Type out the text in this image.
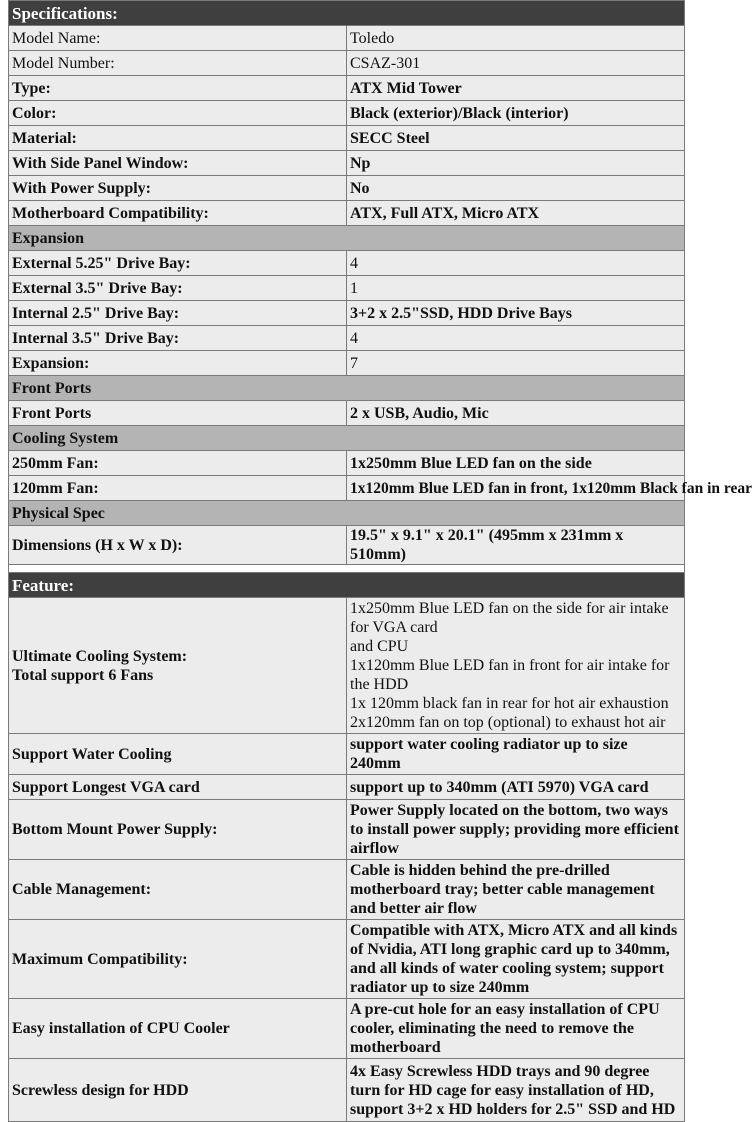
Specifications:	
Model Name:	Toledo
Model Number:	CSAZ-301
Type:	ATX Mid Tower
Color:	Black (exterior)/Black (interior)
Material:	SECC Steel
With Side Panel Window:	Np
With Power Supply:	No
Motherboard Compatibility:	ATX, Full ATX, Micro ATX
Expansion	
External 5.25" Drive Bay:	4
External 3.5" Drive Bay:	1
Internal 2.5" Drive Bay:	3+2 x 2.5"SSD, HDD Drive Bays
Internal 3.5" Drive Bay:	4
Expansion:	7
Front Ports	
Front Ports	2 x USB, Audio, Mic
Cooling System	
250mm Fan:	1x250mm Blue LED fan on the side
120mm Fan:	1x120mm Blue LED fan in front, 1x120mm Black fan in rear
Physical Spec	
Dimensions (H x W x D):	19.5" x 9.1" x 20.1" (495mm x 231mm x 510mm)
Feature:	

Ultimate Cooling System:
Total support 6 Fans	1x250mm Blue LED fan on the side for air intake for VGA card
and CPU
1x120mm Blue LED fan in front for air intake for the HDD
1x 120mm black fan in rear for hot air exhaustion
2x120mm fan on top (optional) to exhaust hot air

Support Water Cooling	support water cooling radiator up to size 240mm
Support Longest VGA card	support up to 340mm (ATI 5970) VGA card
Bottom Mount Power Supply:	Power Supply located on the bottom, two ways to install power supply; providing more efficient airflow
Cable Management:	Cable is hidden behind the pre-drilled motherboard tray; better cable management and better air flow
Maximum Compatibility:	Compatible with ATX, Micro ATX and all kinds of Nvidia, ATI long graphic card up to 340mm, and all kinds of water cooling system; support radiator up to size 240mm
Easy installation of CPU Cooler	A pre-cut hole for an easy installation of CPU cooler, eliminating the need to remove the motherboard
Screwless design for HDD	4x Easy Screwless HDD trays and 90 degree turn for HD cage for easy installation of HD, support 3+2 x HD holders for 2.5" SSD and HD
